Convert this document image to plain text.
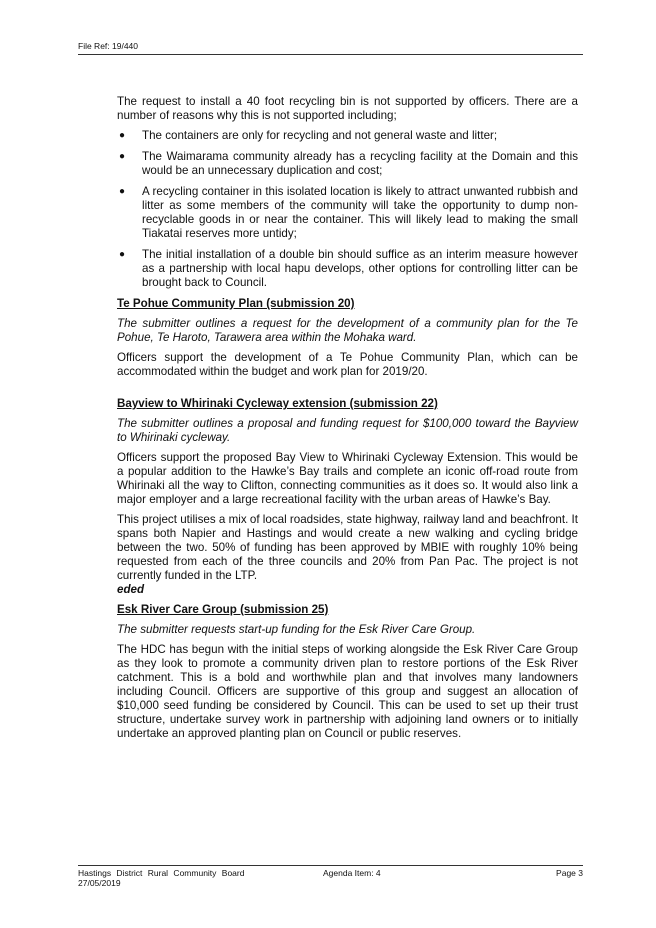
File Ref: 19/440

The request to install a 40 foot recycling bin is not supported by officers. There are a number of reasons why this is not supported including;

● The containers are only for recycling and not general waste and litter;
● The Waimarama community already has a recycling facility at the Domain and this would be an unnecessary duplication and cost;
● A recycling container in this isolated location is likely to attract unwanted rubbish and litter as some members of the community will take the opportunity to dump non-recyclable goods in or near the container. This will likely lead to making the small Tiakatai reserves more untidy;
● The initial installation of a double bin should suffice as an interim measure however as a partnership with local hapu develops, other options for controlling litter can be brought back to Council.
Te Pohue Community Plan (submission 20)

The submitter outlines a request for the development of a community plan for the Te Pohue, Te Haroto, Tarawera area within the Mohaka ward.

Officers support the development of a Te Pohue Community Plan, which can be accommodated within the budget and work plan for 2019/20.

Bayview to Whirinaki Cycleway extension (submission 22)

The submitter outlines a proposal and funding request for $100,000 toward the Bayview to Whirinaki cycleway.

Officers support the proposed Bay View to Whirinaki Cycleway Extension. This would be a popular addition to the Hawke’s Bay trails and complete an iconic off-road route from Whirinaki all the way to Clifton, connecting communities as it does so. It would also link a major employer and a large recreational facility with the urban areas of Hawke’s Bay.

This project utilises a mix of local roadsides, state highway, railway land and beachfront. It spans both Napier and Hastings and would create a new walking and cycling bridge between the two. 50% of funding has been approved by MBIE with roughly 10% being requested from each of the three councils and 20% from Pan Pac. The project is not currently funded in the LTP.

eded

Esk River Care Group (submission 25)

The submitter requests start-up funding for the Esk River Care Group.

The HDC has begun with the initial steps of working alongside the Esk River Care Group as they look to promote a community driven plan to restore portions of the Esk River catchment. This is a bold and worthwhile plan and that involves many landowners including Council. Officers are supportive of this group and suggest an allocation of $10,000 seed funding be considered by Council. This can be used to set up their trust structure, undertake survey work in partnership with adjoining land owners or to initially undertake an approved planting plan on Council or public reserves.

Hastings District Rural Community Board	Agenda Item: 4	Page 3
27/05/2019
